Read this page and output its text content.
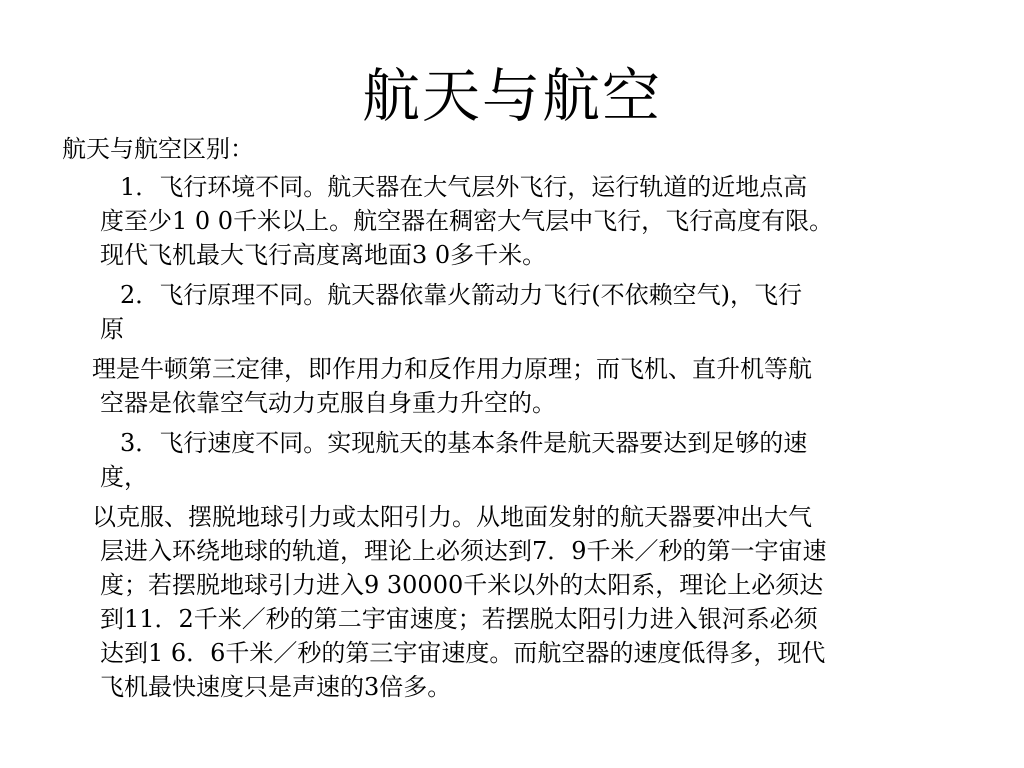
航天与航空
航天与航空区别：
1．飞行环境不同。航天器在大气层外飞行，运行轨道的近地点高
度至少1 0 0千米以上。航空器在稠密大气层中飞行，飞行高度有限。
现代飞机最大飞行高度离地面3 0多千米。
2．飞行原理不同。航天器依靠火箭动力飞行(不依赖空气)，飞行
原
理是牛顿第三定律，即作用力和反作用力原理；而飞机、直升机等航
空器是依靠空气动力克服自身重力升空的。
3．飞行速度不同。实现航天的基本条件是航天器要达到足够的速
度，
以克服、摆脱地球引力或太阳引力。从地面发射的航天器要冲出大气
层进入环绕地球的轨道，理论上必须达到7．9千米／秒的第一宇宙速
度；若摆脱地球引力进入9 30000千米以外的太阳系，理论上必须达
到11．2千米／秒的第二宇宙速度；若摆脱太阳引力进入银河系必须
达到1 6．6千米／秒的第三宇宙速度。而航空器的速度低得多，现代
飞机最快速度只是声速的3倍多。
